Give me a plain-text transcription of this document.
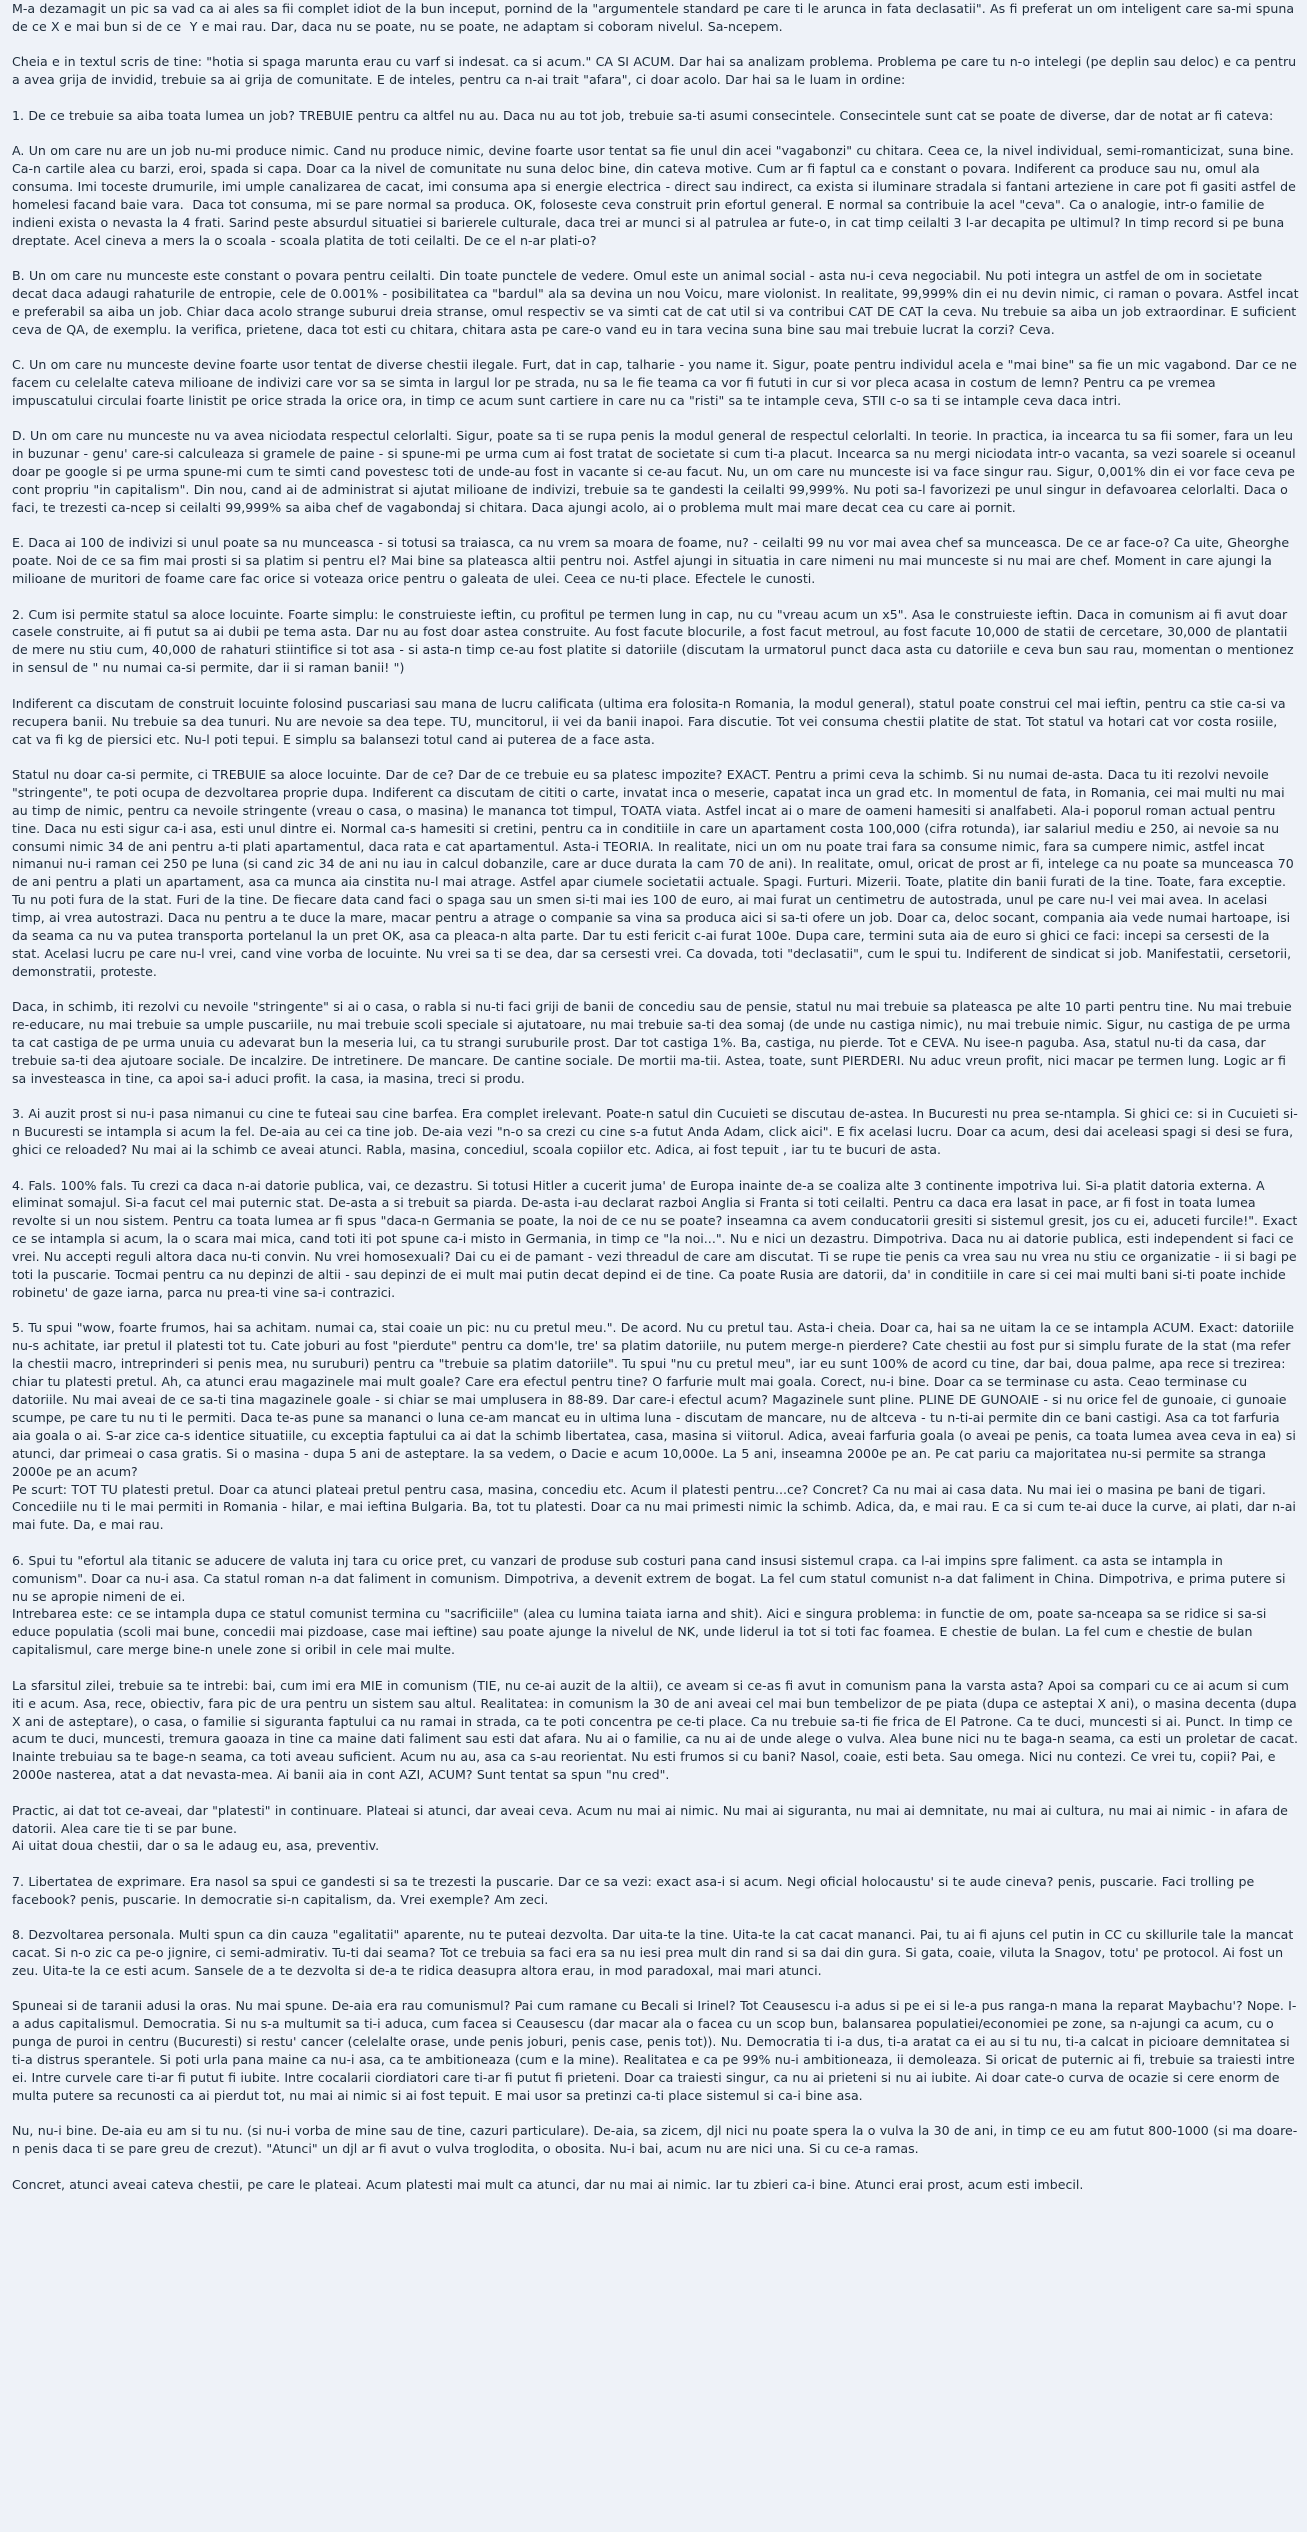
M-a dezamagit un pic sa vad ca ai ales sa fii complet idiot de la bun inceput, pornind de la "argumentele standard pe care ti le arunca in fata declasatii". As fi preferat un om inteligent care sa-mi spuna de ce X e mai bun si de ce  Y e mai rau. Dar, daca nu se poate, nu se poate, ne adaptam si coboram nivelul. Sa-ncepem.

Cheia e in textul scris de tine: "hotia si spaga marunta erau cu varf si indesat. ca si acum." CA SI ACUM. Dar hai sa analizam problema. Problema pe care tu n-o intelegi (pe deplin sau deloc) e ca pentru a avea grija de invidid, trebuie sa ai grija de comunitate. E de inteles, pentru ca n-ai trait "afara", ci doar acolo. Dar hai sa le luam in ordine:

1. De ce trebuie sa aiba toata lumea un job? TREBUIE pentru ca altfel nu au. Daca nu au tot job, trebuie sa-ti asumi consecintele. Consecintele sunt cat se poate de diverse, dar de notat ar fi cateva:

A. Un om care nu are un job nu-mi produce nimic. Cand nu produce nimic, devine foarte usor tentat sa fie unul din acei "vagabonzi" cu chitara. Ceea ce, la nivel individual, semi-romanticizat, suna bine. Ca-n cartile alea cu barzi, eroi, spada si capa. Doar ca la nivel de comunitate nu suna deloc bine, din cateva motive. Cum ar fi faptul ca e constant o povara. Indiferent ca produce sau nu, omul ala consuma. Imi toceste drumurile, imi umple canalizarea de cacat, imi consuma apa si energie electrica - direct sau indirect, ca exista si iluminare stradala si fantani arteziene in care pot fi gasiti astfel de homelesi facand baie vara.  Daca tot consuma, mi se pare normal sa produca. OK, foloseste ceva construit prin efortul general. E normal sa contribuie la acel "ceva". Ca o analogie, intr-o familie de indieni exista o nevasta la 4 frati. Sarind peste absurdul situatiei si barierele culturale, daca trei ar munci si al patrulea ar fute-o, in cat timp ceilalti 3 l-ar decapita pe ultimul? In timp record si pe buna dreptate. Acel cineva a mers la o scoala - scoala platita de toti ceilalti. De ce el n-ar plati-o?

B. Un om care nu munceste este constant o povara pentru ceilalti. Din toate punctele de vedere. Omul este un animal social - asta nu-i ceva negociabil. Nu poti integra un astfel de om in societate decat daca adaugi rahaturile de entropie, cele de 0.001% - posibilitatea ca "bardul" ala sa devina un nou Voicu, mare violonist. In realitate, 99,999% din ei nu devin nimic, ci raman o povara. Astfel incat e preferabil sa aiba un job. Chiar daca acolo strange suburui dreia stranse, omul respectiv se va simti cat de cat util si va contribui CAT DE CAT la ceva. Nu trebuie sa aiba un job extraordinar. E suficient ceva de QA, de exemplu. Ia verifica, prietene, daca tot esti cu chitara, chitara asta pe care-o vand eu in tara vecina suna bine sau mai trebuie lucrat la corzi? Ceva.

C. Un om care nu munceste devine foarte usor tentat de diverse chestii ilegale. Furt, dat in cap, talharie - you name it. Sigur, poate pentru individul acela e "mai bine" sa fie un mic vagabond. Dar ce ne facem cu celelalte cateva milioane de indivizi care vor sa se simta in largul lor pe strada, nu sa le fie teama ca vor fi fututi in cur si vor pleca acasa in costum de lemn? Pentru ca pe vremea impuscatului circulai foarte linistit pe orice strada la orice ora, in timp ce acum sunt cartiere in care nu ca "risti" sa te intample ceva, STII c-o sa ti se intample ceva daca intri.

D. Un om care nu munceste nu va avea niciodata respectul celorlalti. Sigur, poate sa ti se rupa penis la modul general de respectul celorlalti. In teorie. In practica, ia incearca tu sa fii somer, fara un leu in buzunar - genu' care-si calculeaza si gramele de paine - si spune-mi pe urma cum ai fost tratat de societate si cum ti-a placut. Incearca sa nu mergi niciodata intr-o vacanta, sa vezi soarele si oceanul doar pe google si pe urma spune-mi cum te simti cand povestesc toti de unde-au fost in vacante si ce-au facut. Nu, un om care nu munceste isi va face singur rau. Sigur, 0,001% din ei vor face ceva pe cont propriu "in capitalism". Din nou, cand ai de administrat si ajutat milioane de indivizi, trebuie sa te gandesti la ceilalti 99,999%. Nu poti sa-l favorizezi pe unul singur in defavoarea celorlalti. Daca o faci, te trezesti ca-ncep si ceilalti 99,999% sa aiba chef de vagabondaj si chitara. Daca ajungi acolo, ai o problema mult mai mare decat cea cu care ai pornit.

E. Daca ai 100 de indivizi si unul poate sa nu munceasca - si totusi sa traiasca, ca nu vrem sa moara de foame, nu? - ceilalti 99 nu vor mai avea chef sa munceasca. De ce ar face-o? Ca uite, Gheorghe poate. Noi de ce sa fim mai prosti si sa platim si pentru el? Mai bine sa plateasca altii pentru noi. Astfel ajungi in situatia in care nimeni nu mai munceste si nu mai are chef. Moment in care ajungi la milioane de muritori de foame care fac orice si voteaza orice pentru o galeata de ulei. Ceea ce nu-ti place. Efectele le cunosti.

2. Cum isi permite statul sa aloce locuinte. Foarte simplu: le construieste ieftin, cu profitul pe termen lung in cap, nu cu "vreau acum un x5". Asa le construieste ieftin. Daca in comunism ai fi avut doar casele construite, ai fi putut sa ai dubii pe tema asta. Dar nu au fost doar astea construite. Au fost facute blocurile, a fost facut metroul, au fost facute 10,000 de statii de cercetare, 30,000 de plantatii de mere nu stiu cum, 40,000 de rahaturi stiintifice si tot asa - si asta-n timp ce-au fost platite si datoriile (discutam la urmatorul punct daca asta cu datoriile e ceva bun sau rau, momentan o mentionez in sensul de " nu numai ca-si permite, dar ii si raman banii! ")

Indiferent ca discutam de construit locuinte folosind puscariasi sau mana de lucru calificata (ultima era folosita-n Romania, la modul general), statul poate construi cel mai ieftin, pentru ca stie ca-si va recupera banii. Nu trebuie sa dea tunuri. Nu are nevoie sa dea tepe. TU, muncitorul, ii vei da banii inapoi. Fara discutie. Tot vei consuma chestii platite de stat. Tot statul va hotari cat vor costa rosiile, cat va fi kg de piersici etc. Nu-l poti tepui. E simplu sa balansezi totul cand ai puterea de a face asta.

Statul nu doar ca-si permite, ci TREBUIE sa aloce locuinte. Dar de ce? Dar de ce trebuie eu sa platesc impozite? EXACT. Pentru a primi ceva la schimb. Si nu numai de-asta. Daca tu iti rezolvi nevoile "stringente", te poti ocupa de dezvoltarea proprie dupa. Indiferent ca discutam de cititi o carte, invatat inca o meserie, capatat inca un grad etc. In momentul de fata, in Romania, cei mai multi nu mai au timp de nimic, pentru ca nevoile stringente (vreau o casa, o masina) le mananca tot timpul, TOATA viata. Astfel incat ai o mare de oameni hamesiti si analfabeti. Ala-i poporul roman actual pentru tine. Daca nu esti sigur ca-i asa, esti unul dintre ei. Normal ca-s hamesiti si cretini, pentru ca in conditiile in care un apartament costa 100,000 (cifra rotunda), iar salariul mediu e 250, ai nevoie sa nu consumi nimic 34 de ani pentru a-ti plati apartamentul, daca rata e cat apartamentul. Asta-i TEORIA. In realitate, nici un om nu poate trai fara sa consume nimic, fara sa cumpere nimic, astfel incat nimanui nu-i raman cei 250 pe luna (si cand zic 34 de ani nu iau in calcul dobanzile, care ar duce durata la cam 70 de ani). In realitate, omul, oricat de prost ar fi, intelege ca nu poate sa munceasca 70 de ani pentru a plati un apartament, asa ca munca aia cinstita nu-l mai atrage. Astfel apar ciumele societatii actuale. Spagi. Furturi. Mizerii. Toate, platite din banii furati de la tine. Toate, fara exceptie. Tu nu poti fura de la stat. Furi de la tine. De fiecare data cand faci o spaga sau un smen si-ti mai ies 100 de euro, ai mai furat un centimetru de autostrada, unul pe care nu-l vei mai avea. In acelasi timp, ai vrea autostrazi. Daca nu pentru a te duce la mare, macar pentru a atrage o companie sa vina sa produca aici si sa-ti ofere un job. Doar ca, deloc socant, compania aia vede numai hartoape, isi da seama ca nu va putea transporta portelanul la un pret OK, asa ca pleaca-n alta parte. Dar tu esti fericit c-ai furat 100e. Dupa care, termini suta aia de euro si ghici ce faci: incepi sa cersesti de la stat. Acelasi lucru pe care nu-l vrei, cand vine vorba de locuinte. Nu vrei sa ti se dea, dar sa cersesti vrei. Ca dovada, toti "declasatii", cum le spui tu. Indiferent de sindicat si job. Manifestatii, cersetorii, demonstratii, proteste.

Daca, in schimb, iti rezolvi cu nevoile "stringente" si ai o casa, o rabla si nu-ti faci griji de banii de concediu sau de pensie, statul nu mai trebuie sa plateasca pe alte 10 parti pentru tine. Nu mai trebuie re-educare, nu mai trebuie sa umple puscariile, nu mai trebuie scoli speciale si ajutatoare, nu mai trebuie sa-ti dea somaj (de unde nu castiga nimic), nu mai trebuie nimic. Sigur, nu castiga de pe urma ta cat castiga de pe urma unuia cu adevarat bun la meseria lui, ca tu strangi suruburile prost. Dar tot castiga 1%. Ba, castiga, nu pierde. Tot e CEVA. Nu isee-n paguba. Asa, statul nu-ti da casa, dar trebuie sa-ti dea ajutoare sociale. De incalzire. De intretinere. De mancare. De cantine sociale. De mortii ma-tii. Astea, toate, sunt PIERDERI. Nu aduc vreun profit, nici macar pe termen lung. Logic ar fi sa investeasca in tine, ca apoi sa-i aduci profit. Ia casa, ia masina, treci si produ.

3. Ai auzit prost si nu-i pasa nimanui cu cine te futeai sau cine barfea. Era complet irelevant. Poate-n satul din Cucuieti se discutau de-astea. In Bucuresti nu prea se-ntampla. Si ghici ce: si in Cucuieti si-n Bucuresti se intampla si acum la fel. De-aia au cei ca tine job. De-aia vezi "n-o sa crezi cu cine s-a futut Anda Adam, click aici". E fix acelasi lucru. Doar ca acum, desi dai aceleasi spagi si desi se fura, ghici ce reloaded? Nu mai ai la schimb ce aveai atunci. Rabla, masina, concediul, scoala copiilor etc. Adica, ai fost tepuit , iar tu te bucuri de asta.

4. Fals. 100% fals. Tu crezi ca daca n-ai datorie publica, vai, ce dezastru. Si totusi Hitler a cucerit juma' de Europa inainte de-a se coaliza alte 3 continente impotriva lui. Si-a platit datoria externa. A eliminat somajul. Si-a facut cel mai puternic stat. De-asta a si trebuit sa piarda. De-asta i-au declarat razboi Anglia si Franta si toti ceilalti. Pentru ca daca era lasat in pace, ar fi fost in toata lumea revolte si un nou sistem. Pentru ca toata lumea ar fi spus "daca-n Germania se poate, la noi de ce nu se poate? inseamna ca avem conducatorii gresiti si sistemul gresit, jos cu ei, aduceti furcile!". Exact ce se intampla si acum, la o scara mai mica, cand toti iti pot spune ca-i misto in Germania, in timp ce "la noi...". Nu e nici un dezastru. Dimpotriva. Daca nu ai datorie publica, esti independent si faci ce vrei. Nu accepti reguli altora daca nu-ti convin. Nu vrei homosexuali? Dai cu ei de pamant - vezi threadul de care am discutat. Ti se rupe tie penis ca vrea sau nu vrea nu stiu ce organizatie - ii si bagi pe toti la puscarie. Tocmai pentru ca nu depinzi de altii - sau depinzi de ei mult mai putin decat depind ei de tine. Ca poate Rusia are datorii, da' in conditiile in care si cei mai multi bani si-ti poate inchide robinetu' de gaze iarna, parca nu prea-ti vine sa-i contrazici.

5. Tu spui "wow, foarte frumos, hai sa achitam. numai ca, stai coaie un pic: nu cu pretul meu.". De acord. Nu cu pretul tau. Asta-i cheia. Doar ca, hai sa ne uitam la ce se intampla ACUM. Exact: datoriile nu-s achitate, iar pretul il platesti tot tu. Cate joburi au fost "pierdute" pentru ca dom'le, tre' sa platim datoriile, nu putem merge-n pierdere? Cate chestii au fost pur si simplu furate de la stat (ma refer la chestii macro, intreprinderi si penis mea, nu suruburi) pentru ca "trebuie sa platim datoriile". Tu spui "nu cu pretul meu", iar eu sunt 100% de acord cu tine, dar bai, doua palme, apa rece si trezirea: chiar tu platesti pretul. Ah, ca atunci erau magazinele mai mult goale? Care era efectul pentru tine? O farfurie mult mai goala. Corect, nu-i bine. Doar ca se terminase cu asta. Ceao terminase cu datoriile. Nu mai aveai de ce sa-ti tina magazinele goale - si chiar se mai umplusera in 88-89. Dar care-i efectul acum? Magazinele sunt pline. PLINE DE GUNOAIE - si nu orice fel de gunoaie, ci gunoaie scumpe, pe care tu nu ti le permiti. Daca te-as pune sa mananci o luna ce-am mancat eu in ultima luna - discutam de mancare, nu de altceva - tu n-ti-ai permite din ce bani castigi. Asa ca tot farfuria aia goala o ai. S-ar zice ca-s identice situatiile, cu exceptia faptului ca ai dat la schimb libertatea, casa, masina si viitorul. Adica, aveai farfuria goala (o aveai pe penis, ca toata lumea avea ceva in ea) si atunci, dar primeai o casa gratis. Si o masina - dupa 5 ani de asteptare. Ia sa vedem, o Dacie e acum 10,000e. La 5 ani, inseamna 2000e pe an. Pe cat pariu ca majoritatea nu-si permite sa stranga 2000e pe an acum?
Pe scurt: TOT TU platesti pretul. Doar ca atunci plateai pretul pentru casa, masina, concediu etc. Acum il platesti pentru...ce? Concret? Ca nu mai ai casa data. Nu mai iei o masina pe bani de tigari. Concediile nu ti le mai permiti in Romania - hilar, e mai ieftina Bulgaria. Ba, tot tu platesti. Doar ca nu mai primesti nimic la schimb. Adica, da, e mai rau. E ca si cum te-ai duce la curve, ai plati, dar n-ai mai fute. Da, e mai rau.

6. Spui tu "efortul ala titanic se aducere de valuta inj tara cu orice pret, cu vanzari de produse sub costuri pana cand insusi sistemul crapa. ca l-ai impins spre faliment. ca asta se intampla in comunism". Doar ca nu-i asa. Ca statul roman n-a dat faliment in comunism. Dimpotriva, a devenit extrem de bogat. La fel cum statul comunist n-a dat faliment in China. Dimpotriva, e prima putere si nu se apropie nimeni de ei.
Intrebarea este: ce se intampla dupa ce statul comunist termina cu "sacrificiile" (alea cu lumina taiata iarna and shit). Aici e singura problema: in functie de om, poate sa-nceapa sa se ridice si sa-si educe populatia (scoli mai bune, concedii mai pizdoase, case mai ieftine) sau poate ajunge la nivelul de NK, unde liderul ia tot si toti fac foamea. E chestie de bulan. La fel cum e chestie de bulan capitalismul, care merge bine-n unele zone si oribil in cele mai multe.

La sfarsitul zilei, trebuie sa te intrebi: bai, cum imi era MIE in comunism (TIE, nu ce-ai auzit de la altii), ce aveam si ce-as fi avut in comunism pana la varsta asta? Apoi sa compari cu ce ai acum si cum iti e acum. Asa, rece, obiectiv, fara pic de ura pentru un sistem sau altul. Realitatea: in comunism la 30 de ani aveai cel mai bun tembelizor de pe piata (dupa ce asteptai X ani), o masina decenta (dupa X ani de asteptare), o casa, o familie si siguranta faptului ca nu ramai in strada, ca te poti concentra pe ce-ti place. Ca nu trebuie sa-ti fie frica de El Patrone. Ca te duci, muncesti si ai. Punct. In timp ce acum te duci, muncesti, tremura gaoaza in tine ca maine dati faliment sau esti dat afara. Nu ai o familie, ca nu ai de unde alege o vulva. Alea bune nici nu te baga-n seama, ca esti un proletar de cacat. Inainte trebuiau sa te bage-n seama, ca toti aveau suficient. Acum nu au, asa ca s-au reorientat. Nu esti frumos si cu bani? Nasol, coaie, esti beta. Sau omega. Nici nu contezi. Ce vrei tu, copii? Pai, e 2000e nasterea, atat a dat nevasta-mea. Ai banii aia in cont AZI, ACUM? Sunt tentat sa spun "nu cred".

Practic, ai dat tot ce-aveai, dar "platesti" in continuare. Plateai si atunci, dar aveai ceva. Acum nu mai ai nimic. Nu mai ai siguranta, nu mai ai demnitate, nu mai ai cultura, nu mai ai nimic - in afara de datorii. Alea care tie ti se par bune.
Ai uitat doua chestii, dar o sa le adaug eu, asa, preventiv.

7. Libertatea de exprimare. Era nasol sa spui ce gandesti si sa te trezesti la puscarie. Dar ce sa vezi: exact asa-i si acum. Negi oficial holocaustu' si te aude cineva? penis, puscarie. Faci trolling pe facebook? penis, puscarie. In democratie si-n capitalism, da. Vrei exemple? Am zeci.

8. Dezvoltarea personala. Multi spun ca din cauza "egalitatii" aparente, nu te puteai dezvolta. Dar uita-te la tine. Uita-te la cat cacat mananci. Pai, tu ai fi ajuns cel putin in CC cu skillurile tale la mancat cacat. Si n-o zic ca pe-o jignire, ci semi-admirativ. Tu-ti dai seama? Tot ce trebuia sa faci era sa nu iesi prea mult din rand si sa dai din gura. Si gata, coaie, viluta la Snagov, totu' pe protocol. Ai fost un zeu. Uita-te la ce esti acum. Sansele de a te dezvolta si de-a te ridica deasupra altora erau, in mod paradoxal, mai mari atunci.

Spuneai si de taranii adusi la oras. Nu mai spune. De-aia era rau comunismul? Pai cum ramane cu Becali si Irinel? Tot Ceausescu i-a adus si pe ei si le-a pus ranga-n mana la reparat Maybachu'? Nope. I-a adus capitalismul. Democratia. Si nu s-a multumit sa ti-i aduca, cum facea si Ceausescu (dar macar ala o facea cu un scop bun, balansarea populatiei/economiei pe zone, sa n-ajungi ca acum, cu o punga de puroi in centru (Bucuresti) si restu' cancer (celelalte orase, unde penis joburi, penis case, penis tot)). Nu. Democratia ti i-a dus, ti-a aratat ca ei au si tu nu, ti-a calcat in picioare demnitatea si ti-a distrus sperantele. Si poti urla pana maine ca nu-i asa, ca te ambitioneaza (cum e la mine). Realitatea e ca pe 99% nu-i ambitioneaza, ii demoleaza. Si oricat de puternic ai fi, trebuie sa traiesti intre ei. Intre curvele care ti-ar fi putut fi iubite. Intre cocalarii ciordiatori care ti-ar fi putut fi prieteni. Doar ca traiesti singur, ca nu ai prieteni si nu ai iubite. Ai doar cate-o curva de ocazie si cere enorm de multa putere sa recunosti ca ai pierdut tot, nu mai ai nimic si ai fost tepuit. E mai usor sa pretinzi ca-ti place sistemul si ca-i bine asa.

Nu, nu-i bine. De-aia eu am si tu nu. (si nu-i vorba de mine sau de tine, cazuri particulare). De-aia, sa zicem, djl nici nu poate spera la o vulva la 30 de ani, in timp ce eu am futut 800-1000 (si ma doare-n penis daca ti se pare greu de crezut). "Atunci" un djl ar fi avut o vulva troglodita, o obosita. Nu-i bai, acum nu are nici una. Si cu ce-a ramas.

Concret, atunci aveai cateva chestii, pe care le plateai. Acum platesti mai mult ca atunci, dar nu mai ai nimic. Iar tu zbieri ca-i bine. Atunci erai prost, acum esti imbecil.
